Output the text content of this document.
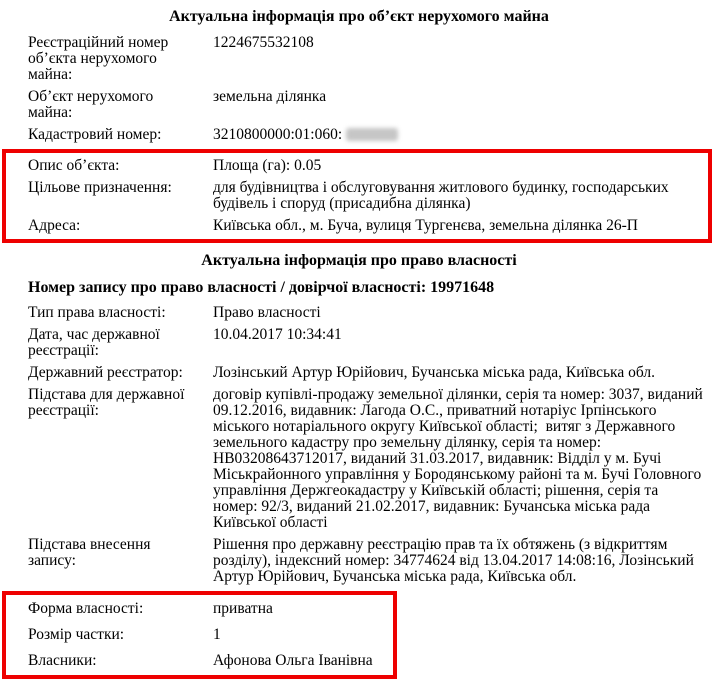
Актуальна інформація про об’єкт нерухомого майна
Реєстраційний номер об’єкта нерухомого майна:
1224675532108
Об’єкт нерухомого майна:
земельна ділянка
Кадастровий номер:	3210800000:01:060:
Опис об’єкта:	Площа (га): 0.05
Цільове призначення:	для будівництва і обслуговування житлового будинку, господарських будівель і споруд (присадибна ділянка)
Адреса:	Київська обл., м. Буча, вулиця Тургенєва, земельна ділянка 26-П
Актуальна інформація про право власності
Номер запису про право власності / довірчої власності: 19971648
Тип права власності:	Право власності
Дата, час державної реєстрації:
10.04.2017 10:34:41
Державний реєстратор:	Лозінський Артур Юрійович, Бучанська міська рада, Київська обл.
Підстава для державної реєстрації:
договір купівлі-продажу земельної ділянки, серія та номер: 3037, виданий 09.12.2016, видавник: Лагода О.С., приватний нотаріус Ірпінського міського нотаріального округу Київської області;  витяг з Державного земельного кадастру про земельну ділянку, серія та номер: НВ03208643712017, виданий 31.03.2017, видавник: Відділ у м. Бучі Міськрайонного управління у Бородянському районі та м. Бучі Головного управління Держгеокадастру у Київській області; рішення, серія та номер: 92/3, виданий 21.02.2017, видавник: Бучанська міська рада Київської області
Підстава внесення запису:
Рішення про державну реєстрацію прав та їх обтяжень (з відкриттям розділу), індексний номер: 34774624 від 13.04.2017 14:08:16, Лозінський Артур Юрійович, Бучанська міська рада, Київська обл.
Форма власності:	приватна
Розмір частки:	1
Власники:	Афонова Ольга Іванівна
